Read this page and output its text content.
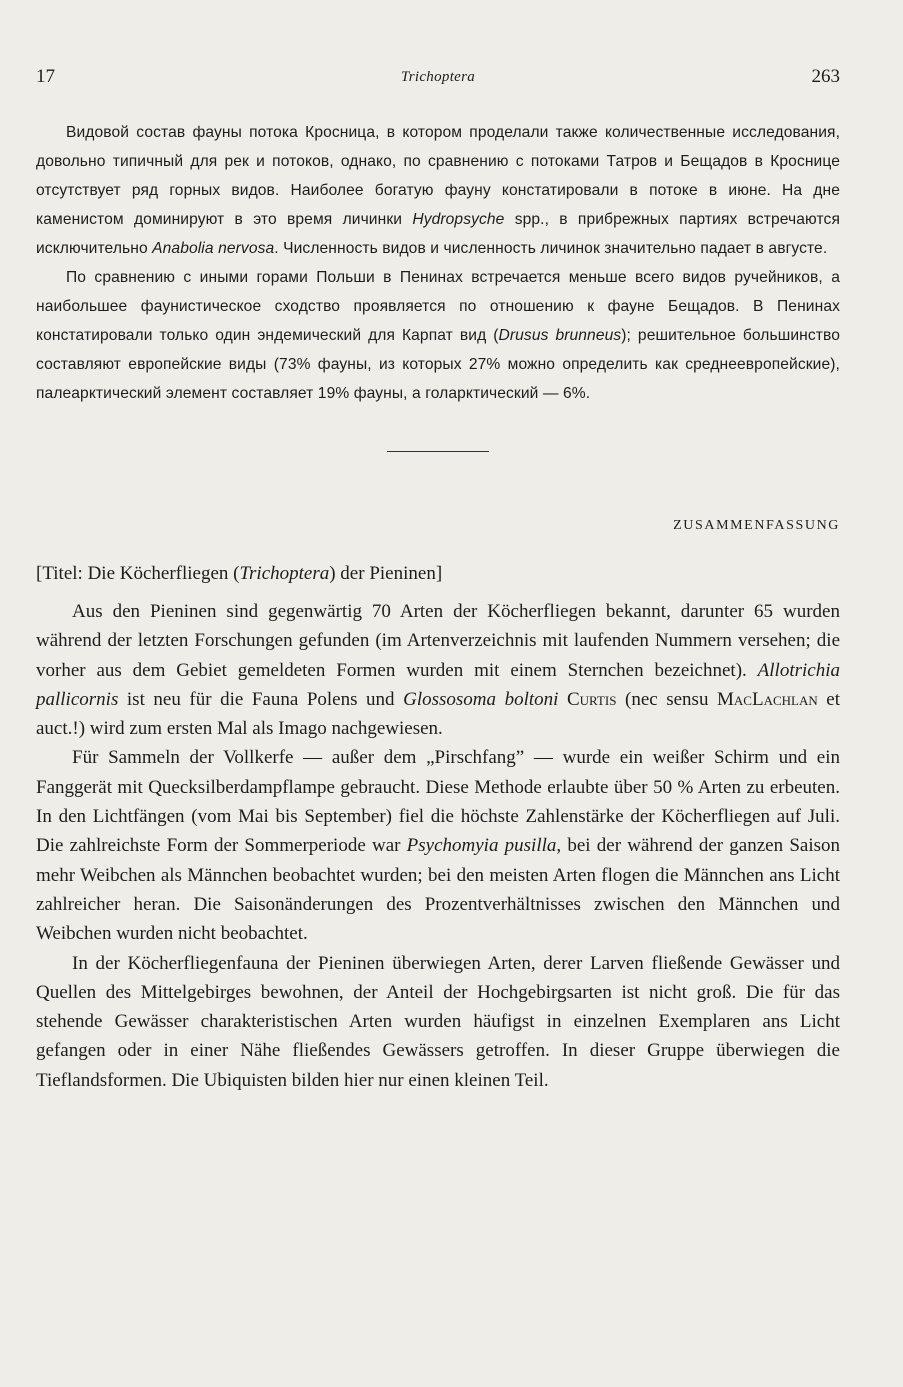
17	Trichoptera	263

Видовой состав фауны потока Кросница, в котором проделали также количественные исследования, довольно типичный для рек и потоков, однако, по сравнению с потоками Татров и Бещадов в Кроснице отсутствует ряд горных видов. Наиболее богатую фауну констатировали в потоке в июне. На дне каменистом доминируют в это время личинки Hydropsyche spp., в прибрежных партиях встречаются исключительно Anabolia nervosa. Численность видов и численность личинок значительно падает в августе.

По сравнению с иными горами Польши в Пенинах встречается меньше всего видов ручейников, а наибольшее фаунистическое сходство проявляется по отношению к фауне Бещадов. В Пенинах констатировали только один эндемический для Карпат вид (Drusus brunneus); решительное большинство составляют европейские виды (73% фауны, из которых 27% можно определить как среднеевропейские), палеарктический элемент составляет 19% фауны, а голарктический — 6%.

ZUSAMMENFASSUNG
[Titel: Die Köcherfliegen (Trichoptera) der Pieninen]

Aus den Pieninen sind gegenwärtig 70 Arten der Köcherfliegen bekannt, darunter 65 wurden während der letzten Forschungen gefunden (im Artenverzeichnis mit laufenden Nummern versehen; die vorher aus dem Gebiet gemeldeten Formen wurden mit einem Sternchen bezeichnet). Allotrichia pallicornis ist neu für die Fauna Polens und Glossosoma boltoni Curtis (nec sensu MacLachlan et auct.!) wird zum ersten Mal als Imago nachgewiesen.

Für Sammeln der Vollkerfe — außer dem „Pirschfang” — wurde ein weißer Schirm und ein Fanggerät mit Quecksilberdampflampe gebraucht. Diese Methode erlaubte über 50 % Arten zu erbeuten. In den Lichtfängen (vom Mai bis September) fiel die höchste Zahlenstärke der Köcherfliegen auf Juli. Die zahlreichste Form der Sommerperiode war Psychomyia pusilla, bei der während der ganzen Saison mehr Weibchen als Männchen beobachtet wurden; bei den meisten Arten flogen die Männchen ans Licht zahlreicher heran. Die Saisonänderungen des Prozentverhältnisses zwischen den Männchen und Weibchen wurden nicht beobachtet.

In der Köcherfliegenfauna der Pieninen überwiegen Arten, derer Larven fließende Gewässer und Quellen des Mittelgebirges bewohnen, der Anteil der Hochgebirgsarten ist nicht groß. Die für das stehende Gewässer charakteristischen Arten wurden häufigst in einzelnen Exemplaren ans Licht gefangen oder in einer Nähe fließendes Gewässers getroffen. In dieser Gruppe überwiegen die Tieflandsformen. Die Ubiquisten bilden hier nur einen kleinen Teil.
